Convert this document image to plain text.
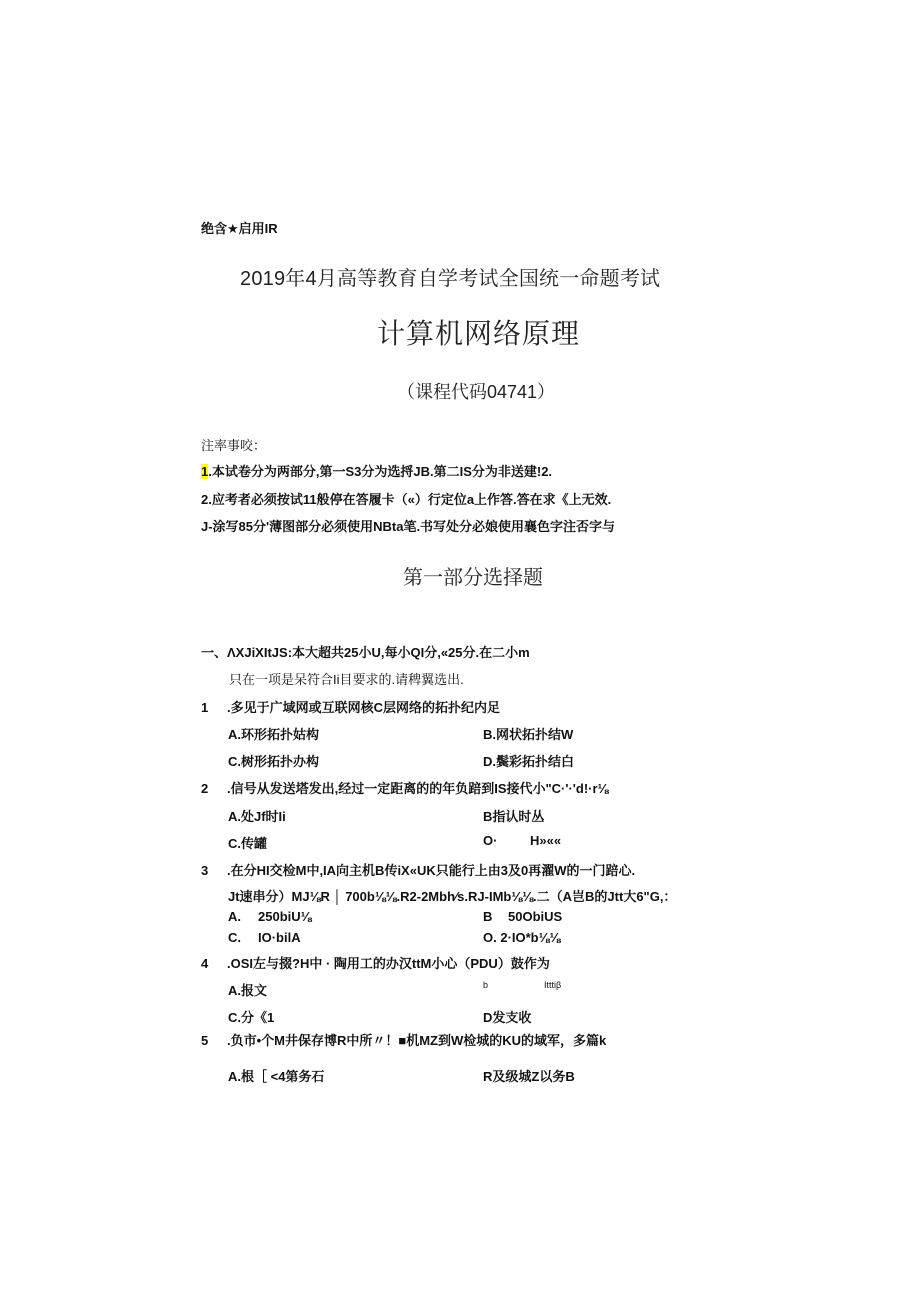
绝含★启用IR
2019年4月高等教育自学考试全国统一命题考试
计算机网络原理
（课程代码04741）
注率事咬：
1.本试卷分为两部分,第一S3分为选捋JB.第二IS分为非送建!2.
2.应考者必须按试11般停在答履卡（«）行定位a上作答.答在求《上无效.
J-涂写85分'薄图部分必须使用NBta笔.书写处分必娘使用襄色字注否字与
第一部分选择题
一、ΛXJiXItJS:本大超共25小U,每小QI分,«25分.在二小m
只在一项是呆符合Ii目要求的.请稗翼选出.
1 .多见于广域网或互联网核C层网络的拓扑纪内足
A.环形拓扑姑构	B.网状拓扑结W
C.树形拓扑办构	D.鬓彩拓扑结白
2 .信号从发送塔发出,经过一定距离的的年负踣到IS接代小"C·'·'d!·r⅛
A.处Jf时Ii	B指认时丛
C.传罐	O·	H»««
3 .在分HI交检M中,IA向主机B传iX«UK只能行上由3及0再濯W的一门踣心.
Jt速串分）MJ⅛R │ 700b⅛⅛.R2-2Mbh∕s.RJ-IMb⅛⅛.二（A岂B的Jtt大6"G,：
A. 250biU⅛	B 50ObiUS
C. IO·bilA	O. 2·IO*b⅛⅛
4 .OSI左与掇?H中 · 陶用工的办汉ttM小心（PDU）鼓作为
A.报文	b	Itttiβ
C.分《1	D发支收
5 .负市•个M井保存博R中所〃！■机MZ到W检城的KU的域军，多篇k
A.根［ <4第务石	R及级城Z以务B
